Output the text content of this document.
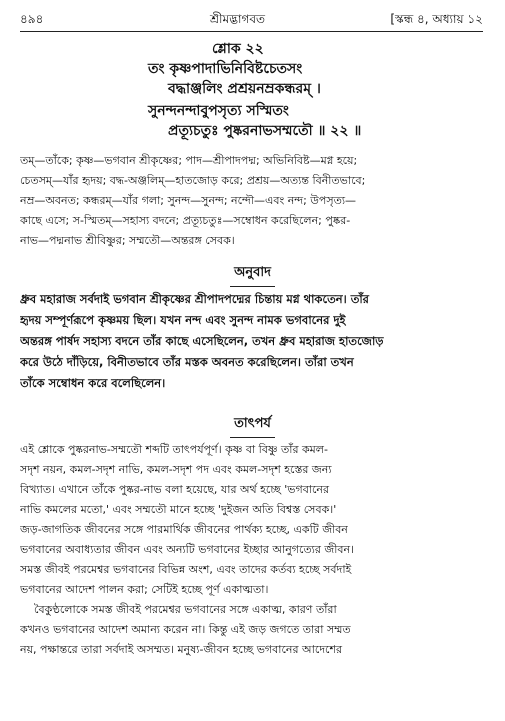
৪৯৪	শ্রীমদ্ভাগবত	[স্কন্ধ ৪, অধ্যায় ১২
শ্লোক ২২
তং কৃষ্ণপাদাভিনিবিষ্টচেতসং
বদ্ধাঞ্জলিং প্রশ্রয়নম্রকন্ধরম্ ।
সুনন্দনন্দাবুপসৃত্য সস্মিতং
প্রত্যূচতুঃ পুষ্করনাভসম্মতৌ ॥ ২২ ॥
তম্—তাঁকে; কৃষ্ণ—ভগবান শ্রীকৃষ্ণের; পাদ—শ্রীপাদপদ্ম; অভিনিবিষ্ট—মগ্ন হয়ে;
চেতসম্—যাঁর হৃদয়; বদ্ধ-অঞ্জলিম্—হাতজোড় করে; প্রশ্রয়—অত্যন্ত বিনীতভাবে;
নম্র—অবনত; কন্ধরম্—যাঁর গলা; সুনন্দ—সুনন্দ; নন্দৌ—এবং নন্দ; উপসৃত্য—
কাছে এসে; স-স্মিতম্—সহাস্য বদনে; প্রত্যূচতুঃ—সম্বোধন করেছিলেন; পুষ্কর-
নাভ—পদ্মনাভ শ্রীবিষ্ণুর; সম্মতৌ—অন্তরঙ্গ সেবক।
অনুবাদ
ধ্রুব মহারাজ সর্বদাই ভগবান শ্রীকৃষ্ণের শ্রীপাদপদ্মের চিন্তায় মগ্ন থাকতেন। তাঁর
হৃদয় সম্পূর্ণরূপে কৃষ্ণময় ছিল। যখন নন্দ এবং সুনন্দ নামক ভগবানের দুই
অন্তরঙ্গ পার্ষদ সহাস্য বদনে তাঁর কাছে এসেছিলেন, তখন ধ্রুব মহারাজ হাতজোড়
করে উঠে দাঁড়িয়ে, বিনীতভাবে তাঁর মস্তক অবনত করেছিলেন। তাঁরা তখন
তাঁকে সম্বোধন করে বলেছিলেন।
তাৎপর্য
এই শ্লোকে পুষ্করনাভ-সম্মতৌ শব্দটি তাৎপর্যপূর্ণ। কৃষ্ণ বা বিষ্ণু তাঁর কমল-
সদৃশ নয়ন, কমল-সদৃশ নাভি, কমল-সদৃশ পদ এবং কমল-সদৃশ হস্তের জন্য
বিখ্যাত। এখানে তাঁকে পুষ্কর-নাভ বলা হয়েছে, যার অর্থ হচ্ছে 'ভগবানের
নাভি কমলের মতো,' এবং সম্মতৌ মানে হচ্ছে 'দুইজন অতি বিশ্বস্ত সেবক।'
জড়-জাগতিক জীবনের সঙ্গে পারমার্থিক জীবনের পার্থক্য হচ্ছে, একটি জীবন
ভগবানের অবাধ্যতার জীবন এবং অন্যটি ভগবানের ইচ্ছার আনুগত্যের জীবন।
সমস্ত জীবই পরমেশ্বর ভগবানের বিভিন্ন অংশ, এবং তাদের কর্তব্য হচ্ছে সর্বদাই
ভগবানের আদেশ পালন করা; সেটিই হচ্ছে পূর্ণ একাত্মতা।
বৈকুণ্ঠলোকে সমস্ত জীবই পরমেশ্বর ভগবানের সঙ্গে একাত্ম, কারণ তাঁরা
কখনও ভগবানের আদেশ অমান্য করেন না। কিন্তু এই জড় জগতে তারা সম্মত
নয়, পক্ষান্তরে তারা সর্বদাই অসম্মত। মনুষ্য-জীবন হচ্ছে ভগবানের আদেশের
